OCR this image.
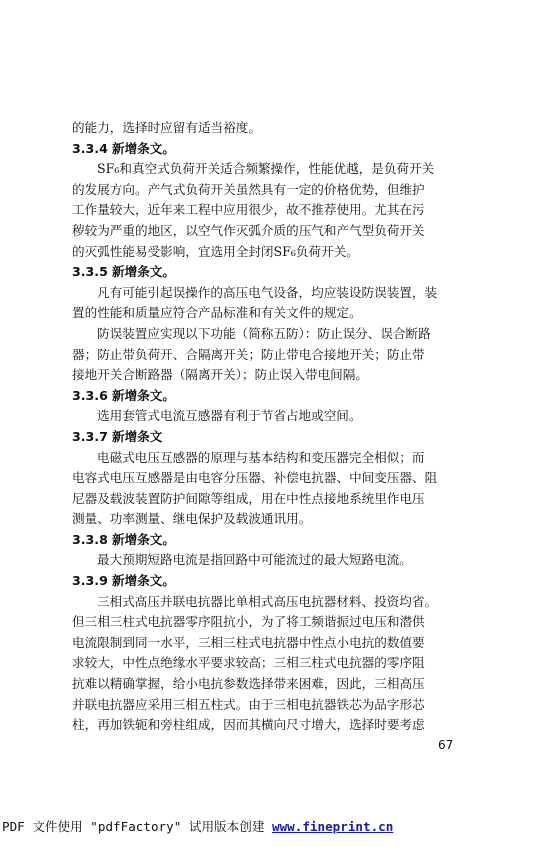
的能力，选择时应留有适当裕度。
3.3.4 新增条文。
SF₆和真空式负荷开关适合频繁操作，性能优越，是负荷开关
的发展方向。产气式负荷开关虽然具有一定的价格优势，但维护
工作量较大，近年来工程中应用很少，故不推荐使用。尤其在污
秽较为严重的地区，以空气作灭弧介质的压气和产气型负荷开关
的灭弧性能易受影响，宜选用全封闭SF₆负荷开关。
3.3.5 新增条文。
凡有可能引起误操作的高压电气设备，均应装设防误装置，装
置的性能和质量应符合产品标准和有关文件的规定。
防误装置应实现以下功能（简称五防）：防止误分、误合断路
器；防止带负荷开、合隔离开关；防止带电合接地开关；防止带
接地开关合断路器（隔离开关）；防止误入带电间隔。
3.3.6 新增条文。
选用套管式电流互感器有利于节省占地或空间。
3.3.7 新增条文
电磁式电压互感器的原理与基本结构和变压器完全相似；而
电容式电压互感器是由电容分压器、补偿电抗器、中间变压器、阻
尼器及载波装置防护间隙等组成，用在中性点接地系统里作电压
测量、功率测量、继电保护及载波通讯用。
3.3.8 新增条文。
最大预期短路电流是指回路中可能流过的最大短路电流。
3.3.9 新增条文。
三相式高压并联电抗器比单相式高压电抗器材料、投资均省。
但三相三柱式电抗器零序阻抗小，为了将工频谐振过电压和潜供
电流限制到同一水平，三相三柱式电抗器中性点小电抗的数值要
求较大，中性点绝缘水平要求较高；三相三柱式电抗器的零序阻
抗难以精确掌握，给小电抗参数选择带来困难，因此，三相高压
并联电抗器应采用三相五柱式。由于三相电抗器铁芯为品字形芯
柱，再加铁轭和旁柱组成，因而其横向尺寸增大，选择时要考虑
67
PDF 文件使用 "pdfFactory" 试用版本创建 www.fineprint.cn
